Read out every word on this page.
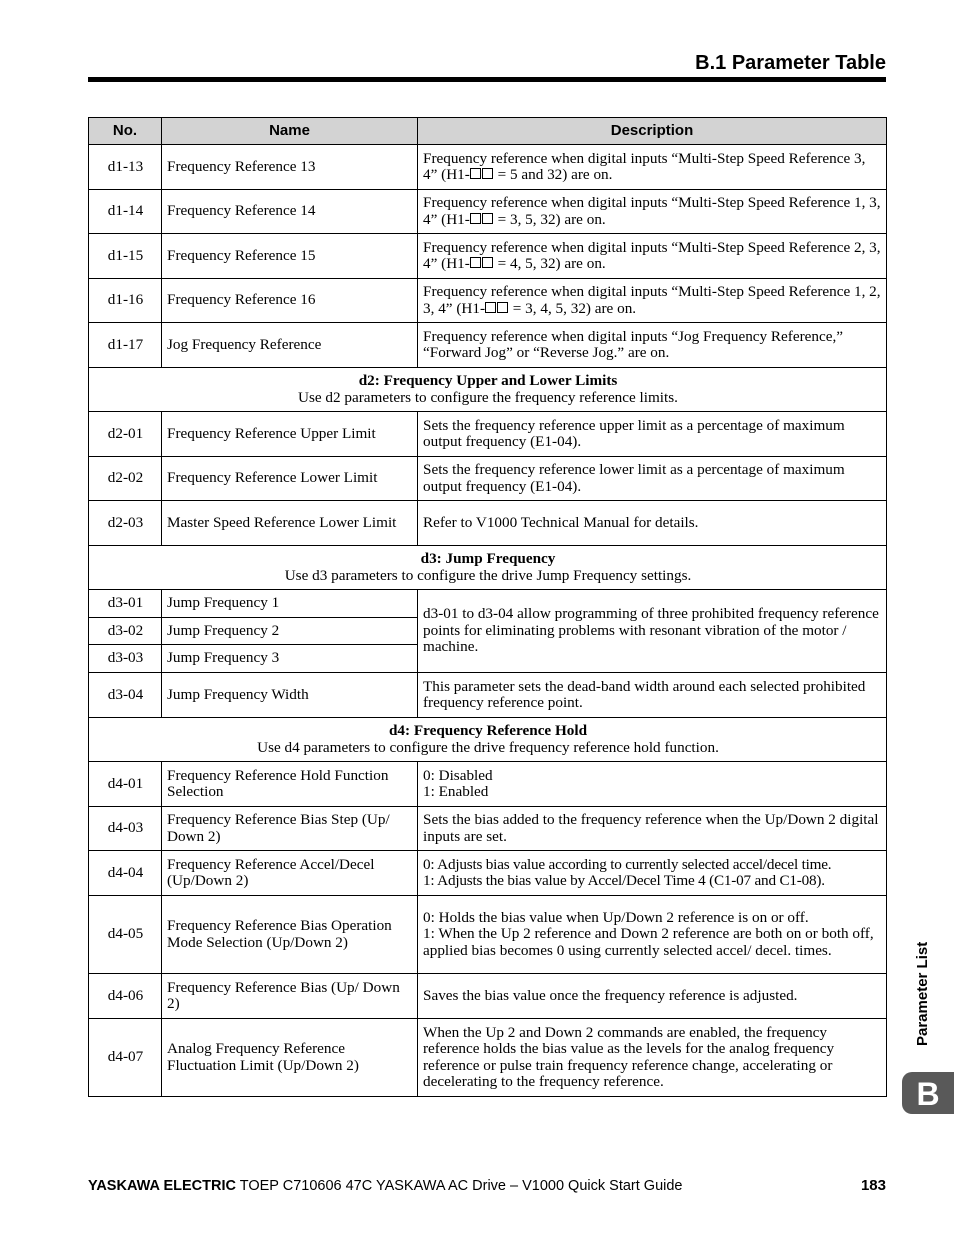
B.1 Parameter Table
No.	Name	Description
d1-13	Frequency Reference 13	Frequency reference when digital inputs “Multi-Step Speed Reference 3, 4” (H1- = 5 and 32) are on.
d1-14	Frequency Reference 14	Frequency reference when digital inputs “Multi-Step Speed Reference 1, 3, 4” (H1- = 3, 5, 32) are on.
d1-15	Frequency Reference 15	Frequency reference when digital inputs “Multi-Step Speed Reference 2, 3, 4” (H1- = 4, 5, 32) are on.
d1-16	Frequency Reference 16	Frequency reference when digital inputs “Multi-Step Speed Reference 1, 2, 3, 4” (H1- = 3, 4, 5, 32) are on.
d1-17	Jog Frequency Reference	Frequency reference when digital inputs “Jog Frequency Reference,” “Forward Jog” or “Reverse Jog.” are on.

d2: Frequency Upper and Lower Limits
Use d2 parameters to configure the frequency reference limits.		
d2-01	Frequency Reference Upper Limit	Sets the frequency reference upper limit as a percentage of maximum output frequency (E1-04).
d2-02	Frequency Reference Lower Limit	Sets the frequency reference lower limit as a percentage of maximum output frequency (E1-04).
d2-03	Master Speed Reference Lower Limit	Refer to V1000 Technical Manual for details.

d3: Jump Frequency
Use d3 parameters to configure the drive Jump Frequency settings.		
d3-01	Jump Frequency 1	d3-01 to d3-04 allow programming of three prohibited frequency reference points for eliminating problems with resonant vibration of the motor / machine.
d3-02	Jump Frequency 2	
d3-03	Jump Frequency 3	
d3-04	Jump Frequency Width	This parameter sets the dead-band width around each selected prohibited frequency reference point.

d4: Frequency Reference Hold
Use d4 parameters to configure the drive frequency reference hold function.		
d4-01	Frequency Reference Hold Function Selection	0: Disabled
1: Enabled

d4-03	Frequency Reference Bias Step (Up/ Down 2)	Sets the bias added to the frequency reference when the Up/Down 2 digital inputs are set.

d4-04	Frequency Reference Accel/Decel (Up/Down 2)	0: Adjusts bias value according to currently selected accel/decel time.
1: Adjusts the bias value by Accel/Decel Time 4 (C1-07 and C1-08).

d4-05	Frequency Reference Bias Operation Mode Selection (Up/Down 2)	0: Holds the bias value when Up/Down 2 reference is on or off.
1: When the Up 2 reference and Down 2 reference are both on or both off, applied bias becomes 0 using currently selected accel/ decel. times.

d4-06	Frequency Reference Bias (Up/ Down 2)	Saves the bias value once the frequency reference is adjusted.

d4-07	Analog Frequency Reference Fluctuation Limit (Up/Down 2)	When the Up 2 and Down 2 commands are enabled, the frequency reference holds the bias value as the levels for the analog frequency reference or pulse train frequency reference change, accelerating or decelerating to the frequency reference.
Parameter List
B
YASKAWA ELECTRIC TOEP C710606 47C YASKAWA AC Drive – V1000 Quick Start Guide	183
